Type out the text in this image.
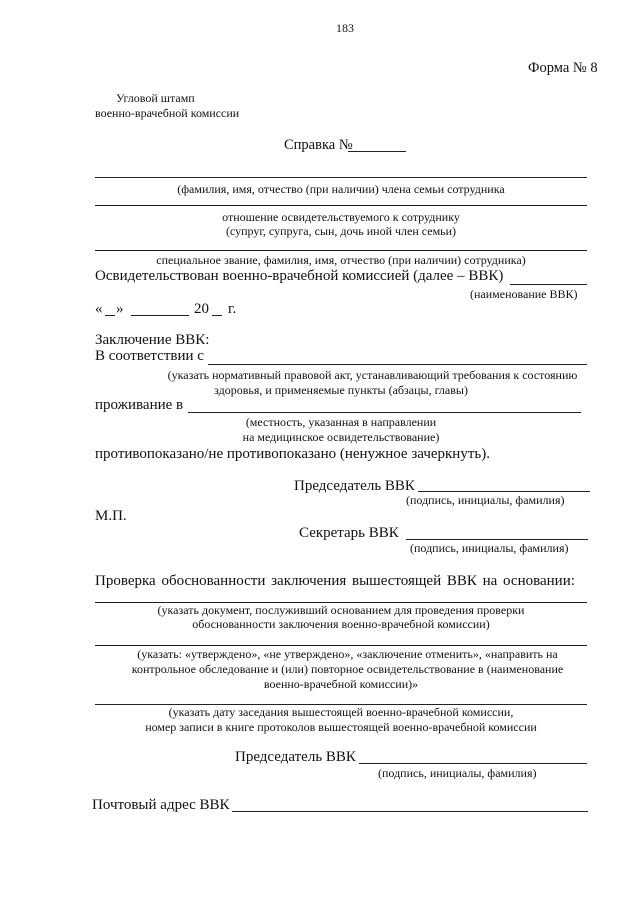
183
Форма № 8
Угловой штамп
военно-врачебной комиссии
Справка №
(фамилия, имя, отчество (при наличии) члена семьи сотрудника
отношение освидетельствуемого к сотруднику
(супруг, супруга, сын, дочь иной член семьи)
специальное звание, фамилия, имя, отчество (при наличии) сотрудника)
Освидетельствован военно-врачебной комиссией (далее – ВВК)
(наименование ВВК)
« »	20 г.
Заключение ВВК:
В соответствии с
(указать нормативный правовой акт, устанавливающий требования к состоянию
здоровья, и применяемые пункты (абзацы, главы)
проживание в
(местность, указанная в направлении
на медицинское освидетельствование)
противопоказано/не противопоказано (ненужное зачеркнуть).
Председатель ВВК
(подпись, инициалы, фамилия)
М.П.
Секретарь ВВК
(подпись, инициалы, фамилия)
Проверка обоснованности заключения вышестоящей ВВК на основании:
(указать документ, послуживший основанием для проведения проверки
обоснованности заключения военно-врачебной комиссии)
(указать: «утверждено», «не утверждено», «заключение отменить», «направить на
контрольное обследование и (или) повторное освидетельствование в (наименование
военно-врачебной комиссии)»
(указать дату заседания вышестоящей военно-врачебной комиссии,
номер записи в книге протоколов вышестоящей военно-врачебной комиссии
Председатель ВВК
(подпись, инициалы, фамилия)
Почтовый адрес ВВК
